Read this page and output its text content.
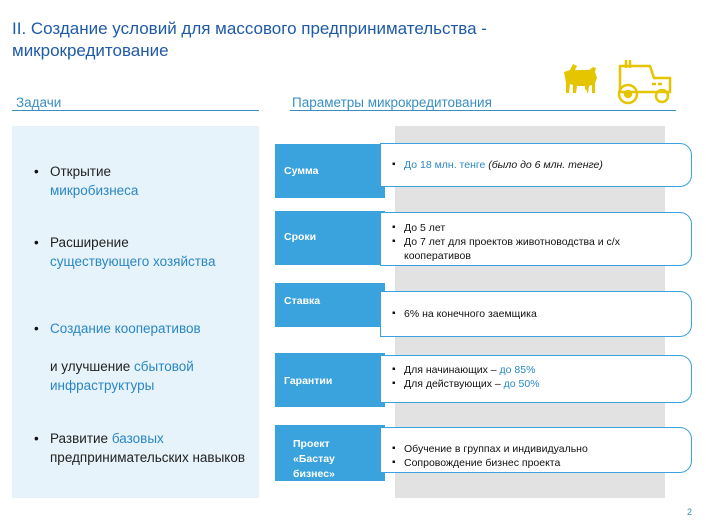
II. Создание условий для массового предпринимательства - микрокредитование
Задачи	Параметры микрокредитования
• Открытие
микробизнеса
• Расширение
существующего хозяйства
• Создание кооперативов
и улучшение сбытовой инфраструктуры
• Развитие базовых
предпринимательских навыков
Сумма
▪	До 18 млн. тенге (было до 6 млн. тенге)
Сроки
▪ До 5 лет
▪ До 7 лет для проектов животноводства и с/х кооперативов
Ставка
▪ 6% на конечного заемщика
Гарантии
▪ Для начинающих – до 85%
▪ Для действующих – до 50%
Проект

«Бастау бизнес»
▪ Обучение в группах и индивидуально
▪ Сопровождение бизнес проекта
2
